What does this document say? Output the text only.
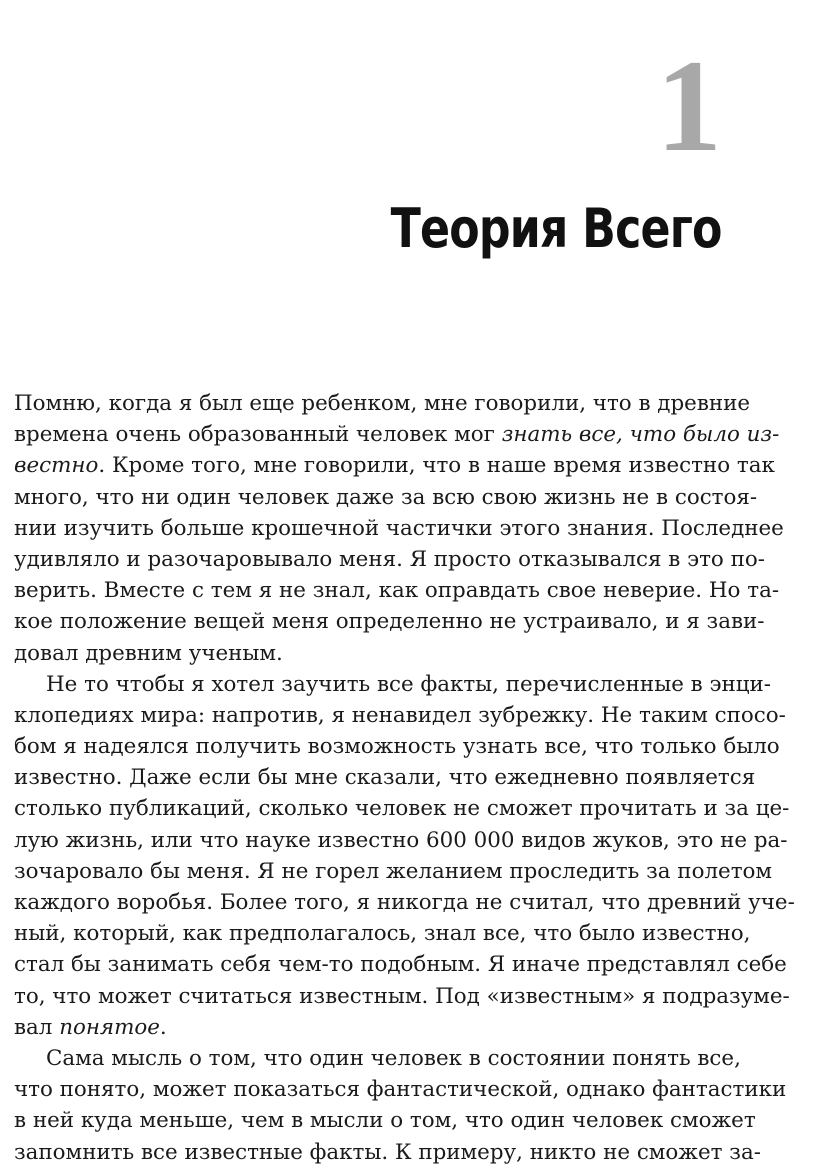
1
Теория Всего
Помню, когда я был еще ребенком, мне говорили, что в древние
времена очень образованный человек мог знать все, что было из-
вестно. Кроме того, мне говорили, что в наше время известно так
много, что ни один человек даже за всю свою жизнь не в состоя-
нии изучить больше крошечной частички этого знания. Последнее
удивляло и разочаровывало меня. Я просто отказывался в это по-
верить. Вместе с тем я не знал, как оправдать свое неверие. Но та-
кое положение вещей меня определенно не устраивало, и я зави-
довал древним ученым.
Не то чтобы я хотел заучить все факты, перечисленные в энци-
клопедиях мира: напротив, я ненавидел зубрежку. Не таким спосо-
бом я надеялся получить возможность узнать все, что только было
известно. Даже если бы мне сказали, что ежедневно появляется
столько публикаций, сколько человек не сможет прочитать и за це-
лую жизнь, или что науке известно 600 000 видов жуков, это не ра-
зочаровало бы меня. Я не горел желанием проследить за полетом
каждого воробья. Более того, я никогда не считал, что древний уче-
ный, который, как предполагалось, знал все, что было известно,
стал бы занимать себя чем-то подобным. Я иначе представлял себе
то, что может считаться известным. Под «известным» я подразуме-
вал понятое.
Сама мысль о том, что один человек в состоянии понять все,
что понято, может показаться фантастической, однако фантастики
в ней куда меньше, чем в мысли о том, что один человек сможет
запомнить все известные факты. К примеру, никто не сможет за-
